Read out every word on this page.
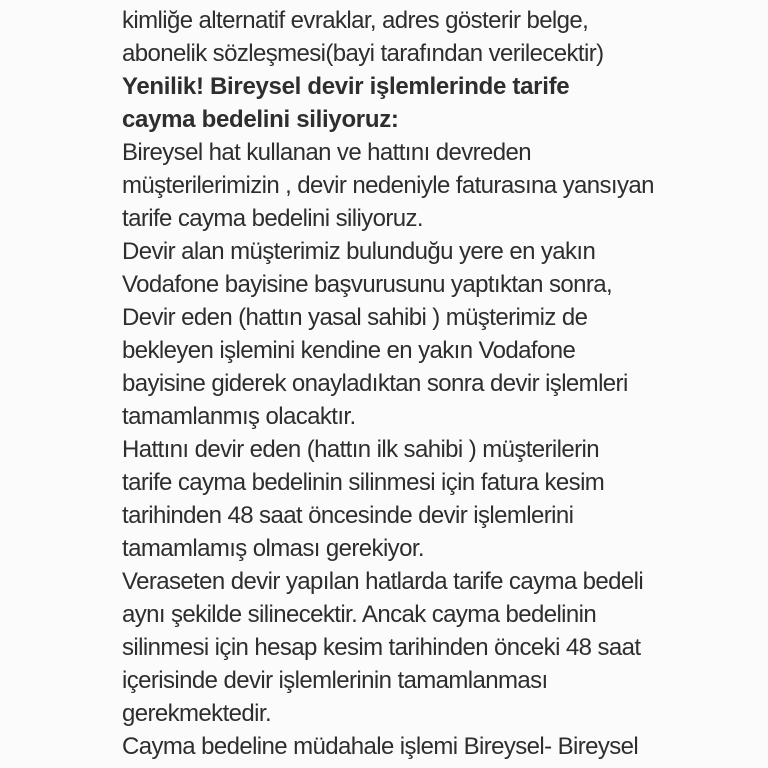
kimliğe alternatif evraklar, adres gösterir belge,
abonelik sözleşmesi(bayi tarafından verilecektir)
Yenilik! Bireysel devir işlemlerinde tarife
cayma bedelini siliyoruz:
Bireysel hat kullanan ve hattını devreden
müşterilerimizin , devir nedeniyle faturasına yansıyan
tarife cayma bedelini siliyoruz.
Devir alan müşterimiz bulunduğu yere en yakın
Vodafone bayisine başvurusunu yaptıktan sonra,
Devir eden (hattın yasal sahibi ) müşterimiz de
bekleyen işlemini kendine en yakın Vodafone
bayisine giderek onayladıktan sonra devir işlemleri
tamamlanmış olacaktır.
Hattını devir eden (hattın ilk sahibi ) müşterilerin
tarife cayma bedelinin silinmesi için fatura kesim
tarihinden 48 saat öncesinde devir işlemlerini
tamamlamış olması gerekiyor.
Veraseten devir yapılan hatlarda tarife cayma bedeli
aynı şekilde silinecektir. Ancak cayma bedelinin
silinmesi için hesap kesim tarihinden önceki 48 saat
içerisinde devir işlemlerinin tamamlanması
gerekmektedir.
Cayma bedeline müdahale işlemi Bireysel- Bireysel
